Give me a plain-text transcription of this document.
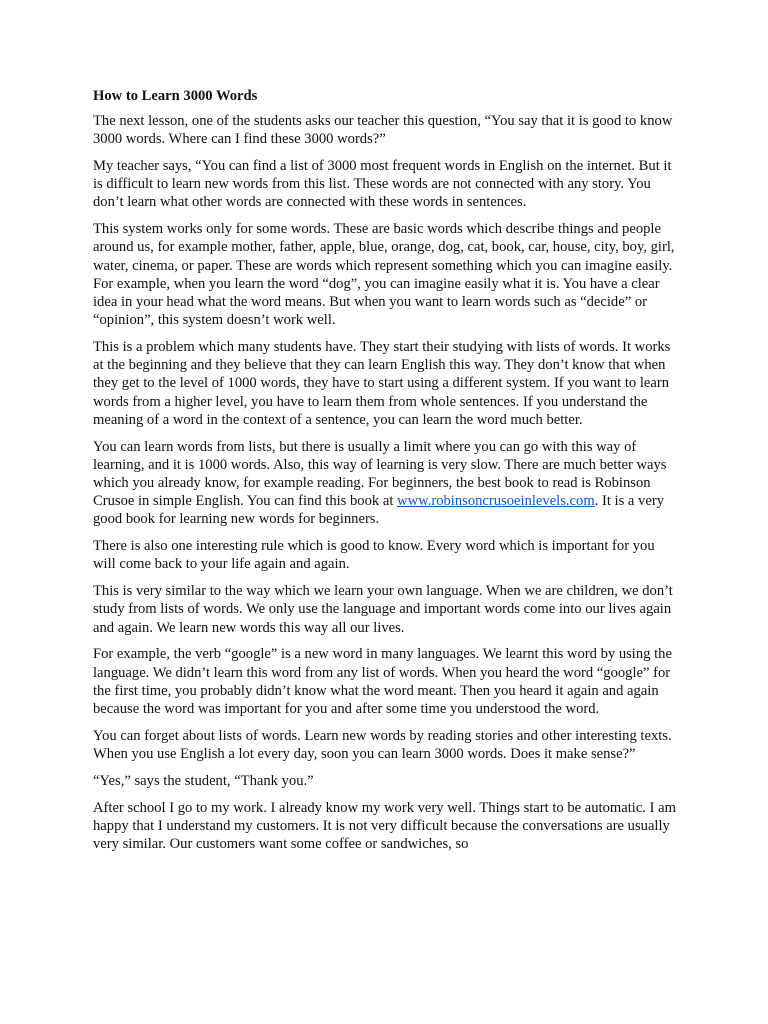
How to Learn 3000 Words

The next lesson, one of the students asks our teacher this question, “You say that it is good to know 3000 words. Where can I find these 3000 words?”

My teacher says, “You can find a list of 3000 most frequent words in English on the internet. But it is difficult to learn new words from this list. These words are not connected with any story. You don’t learn what other words are connected with these words in sentences.

This system works only for some words. These are basic words which describe things and people around us, for example mother, father, apple, blue, orange, dog, cat, book, car, house, city, boy, girl, water, cinema, or paper. These are words which represent something which you can imagine easily. For example, when you learn the word “dog”, you can imagine easily what it is. You have a clear idea in your head what the word means. But when you want to learn words such as “decide” or “opinion”, this system doesn’t work well.

This is a problem which many students have. They start their studying with lists of words. It works at the beginning and they believe that they can learn English this way. They don’t know that when they get to the level of 1000 words, they have to start using a different system. If you want to learn words from a higher level, you have to learn them from whole sentences. If you understand the meaning of a word in the context of a sentence, you can learn the word much better.

You can learn words from lists, but there is usually a limit where you can go with this way of learning, and it is 1000 words. Also, this way of learning is very slow. There are much better ways which you already know, for example reading. For beginners, the best book to read is Robinson Crusoe in simple English. You can find this book at www.robinsoncrusoeinlevels.com. It is a very good book for learning new words for beginners.

There is also one interesting rule which is good to know. Every word which is important for you will come back to your life again and again.

This is very similar to the way which we learn your own language. When we are children, we don’t study from lists of words. We only use the language and important words come into our lives again and again. We learn new words this way all our lives.

For example, the verb “google” is a new word in many languages. We learnt this word by using the language. We didn’t learn this word from any list of words. When you heard the word “google” for the first time, you probably didn’t know what the word meant. Then you heard it again and again because the word was important for you and after some time you understood the word.

You can forget about lists of words. Learn new words by reading stories and other interesting texts. When you use English a lot every day, soon you can learn 3000 words. Does it make sense?”

“Yes,” says the student, “Thank you.”

After school I go to my work. I already know my work very well. Things start to be automatic. I am happy that I understand my customers. It is not very difficult because the conversations are usually very similar. Our customers want some coffee or sandwiches, so
